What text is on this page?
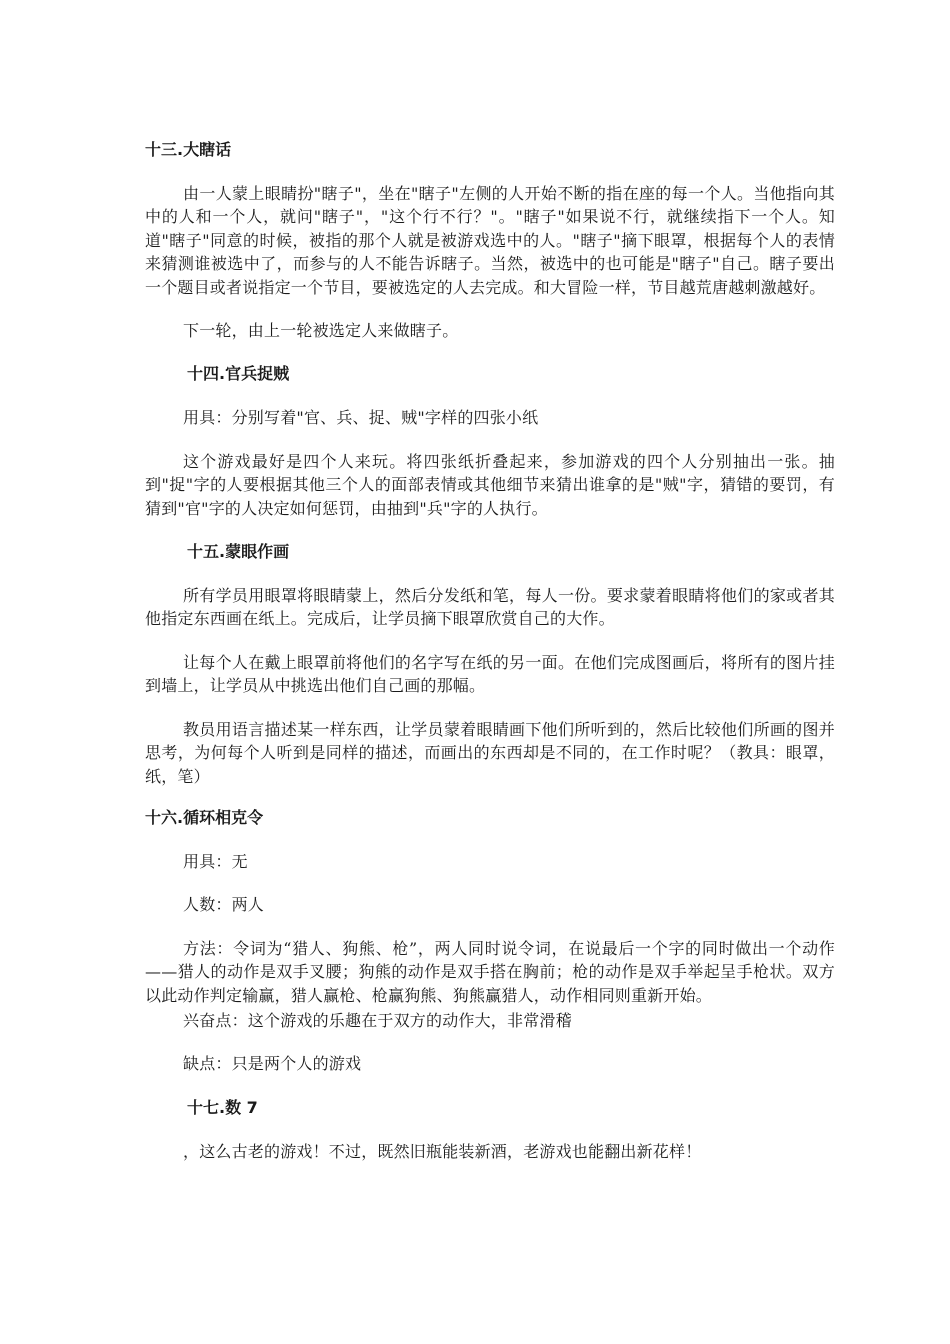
十三.大瞎话

由一人蒙上眼睛扮"瞎子"，坐在"瞎子"左侧的人开始不断的指在座的每一个人。当他指向其中的人和一个人，就问"瞎子"，"这个行不行？"。"瞎子"如果说不行，就继续指下一个人。知道"瞎子"同意的时候，被指的那个人就是被游戏选中的人。"瞎子"摘下眼罩，根据每个人的表情来猜测谁被选中了，而参与的人不能告诉瞎子。当然，被选中的也可能是"瞎子"自己。瞎子要出一个题目或者说指定一个节目，要被选定的人去完成。和大冒险一样，节目越荒唐越刺激越好。

下一轮，由上一轮被选定人来做瞎子。

十四.官兵捉贼

用具：分别写着"官、兵、捉、贼"字样的四张小纸

这个游戏最好是四个人来玩。将四张纸折叠起来，参加游戏的四个人分别抽出一张。抽到"捉"字的人要根据其他三个人的面部表情或其他细节来猜出谁拿的是"贼"字，猜错的要罚，有猜到"官"字的人决定如何惩罚，由抽到"兵"字的人执行。

十五.蒙眼作画

所有学员用眼罩将眼睛蒙上，然后分发纸和笔，每人一份。要求蒙着眼睛将他们的家或者其他指定东西画在纸上。完成后，让学员摘下眼罩欣赏自己的大作。

让每个人在戴上眼罩前将他们的名字写在纸的另一面。在他们完成图画后，将所有的图片挂到墙上，让学员从中挑选出他们自己画的那幅。

教员用语言描述某一样东西，让学员蒙着眼睛画下他们所听到的，然后比较他们所画的图并思考，为何每个人听到是同样的描述，而画出的东西却是不同的，在工作时呢？（教具：眼罩，纸，笔）

十六.循环相克令

用具：无

人数：两人

方法：令词为“猎人、狗熊、枪”，两人同时说令词，在说最后一个字的同时做出一个动作——猎人的动作是双手叉腰；狗熊的动作是双手搭在胸前；枪的动作是双手举起呈手枪状。双方以此动作判定输赢，猎人赢枪、枪赢狗熊、狗熊赢猎人，动作相同则重新开始。

兴奋点：这个游戏的乐趣在于双方的动作大，非常滑稽

缺点：只是两个人的游戏

十七.数 7

，这么古老的游戏！不过，既然旧瓶能装新酒，老游戏也能翻出新花样！
